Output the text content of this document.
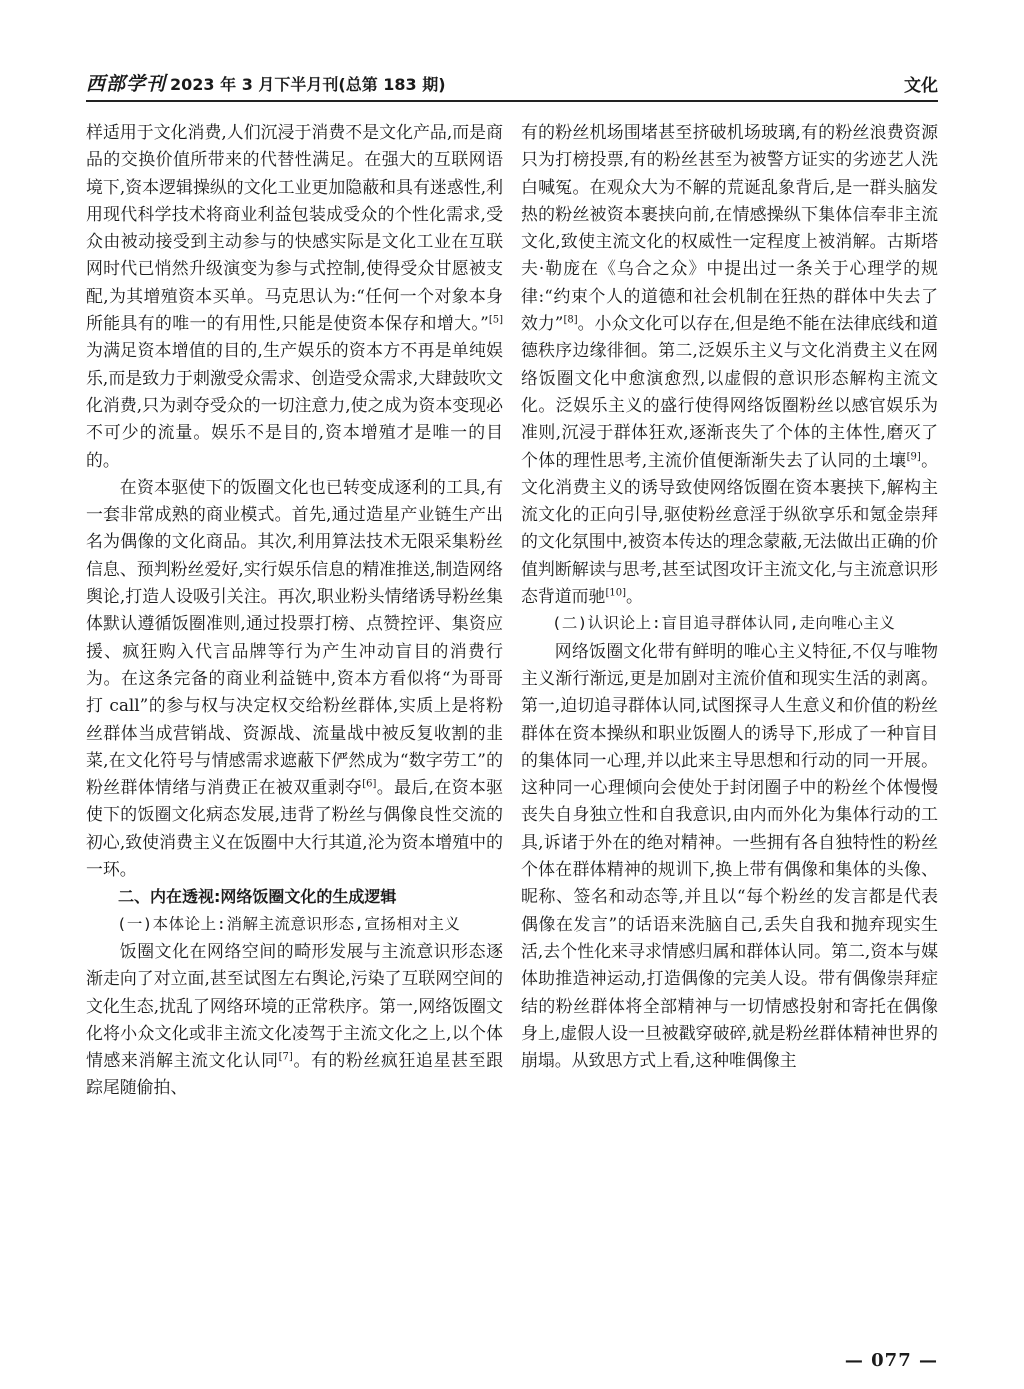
西部学刊 2023 年 3 月下半月刊(总第 183 期)	文化

样适用于文化消费,人们沉浸于消费不是文化产品,而是商品的交换价值所带来的代替性满足。在强大的互联网语境下,资本逻辑操纵的文化工业更加隐蔽和具有迷惑性,利用现代科学技术将商业利益包装成受众的个性化需求,受众由被动接受到主动参与的快感实际是文化工业在互联网时代已悄然升级演变为参与式控制,使得受众甘愿被支配,为其增殖资本买单。马克思认为:“任何一个对象本身所能具有的唯一的有用性,只能是使资本保存和增大。”[5]为满足资本增值的目的,生产娱乐的资本方不再是单纯娱乐,而是致力于刺激受众需求、创造受众需求,大肆鼓吹文化消费,只为剥夺受众的一切注意力,使之成为资本变现必不可少的流量。娱乐不是目的,资本增殖才是唯一的目的。

在资本驱使下的饭圈文化也已转变成逐利的工具,有一套非常成熟的商业模式。首先,通过造星产业链生产出名为偶像的文化商品。其次,利用算法技术无限采集粉丝信息、预判粉丝爱好,实行娱乐信息的精准推送,制造网络舆论,打造人设吸引关注。再次,职业粉头情绪诱导粉丝集体默认遵循饭圈准则,通过投票打榜、点赞控评、集资应援、疯狂购入代言品牌等行为产生冲动盲目的消费行为。在这条完备的商业利益链中,资本方看似将“为哥哥打 call”的参与权与决定权交给粉丝群体,实质上是将粉丝群体当成营销战、资源战、流量战中被反复收割的韭菜,在文化符号与情感需求遮蔽下俨然成为“数字劳工”的粉丝群体情绪与消费正在被双重剥夺[6]。最后,在资本驱使下的饭圈文化病态发展,违背了粉丝与偶像良性交流的初心,致使消费主义在饭圈中大行其道,沦为资本增殖中的一环。

二、内在透视:网络饭圈文化的生成逻辑

(一)本体论上:消解主流意识形态,宣扬相对主义

饭圈文化在网络空间的畸形发展与主流意识形态逐渐走向了对立面,甚至试图左右舆论,污染了互联网空间的文化生态,扰乱了网络环境的正常秩序。第一,网络饭圈文化将小众文化或非主流文化凌驾于主流文化之上,以个体情感来消解主流文化认同[7]。有的粉丝疯狂追星甚至跟踪尾随偷拍、

有的粉丝机场围堵甚至挤破机场玻璃,有的粉丝浪费资源只为打榜投票,有的粉丝甚至为被警方证实的劣迹艺人洗白喊冤。在观众大为不解的荒诞乱象背后,是一群头脑发热的粉丝被资本裹挟向前,在情感操纵下集体信奉非主流文化,致使主流文化的权威性一定程度上被消解。古斯塔夫·勒庞在《乌合之众》中提出过一条关于心理学的规律:“约束个人的道德和社会机制在狂热的群体中失去了效力”[8]。小众文化可以存在,但是绝不能在法律底线和道德秩序边缘徘徊。第二,泛娱乐主义与文化消费主义在网络饭圈文化中愈演愈烈,以虚假的意识形态解构主流文化。泛娱乐主义的盛行使得网络饭圈粉丝以感官娱乐为准则,沉浸于群体狂欢,逐渐丧失了个体的主体性,磨灭了个体的理性思考,主流价值便渐渐失去了认同的土壤[9]。文化消费主义的诱导致使网络饭圈在资本裹挟下,解构主流文化的正向引导,驱使粉丝意淫于纵欲享乐和氪金崇拜的文化氛围中,被资本传达的理念蒙蔽,无法做出正确的价值判断解读与思考,甚至试图攻讦主流文化,与主流意识形态背道而驰[10]。

(二)认识论上:盲目追寻群体认同,走向唯心主义

网络饭圈文化带有鲜明的唯心主义特征,不仅与唯物主义渐行渐远,更是加剧对主流价值和现实生活的剥离。第一,迫切追寻群体认同,试图探寻人生意义和价值的粉丝群体在资本操纵和职业饭圈人的诱导下,形成了一种盲目的集体同一心理,并以此来主导思想和行动的同一开展。这种同一心理倾向会使处于封闭圈子中的粉丝个体慢慢丧失自身独立性和自我意识,由内而外化为集体行动的工具,诉诸于外在的绝对精神。一些拥有各自独特性的粉丝个体在群体精神的规训下,换上带有偶像和集体的头像、昵称、签名和动态等,并且以“每个粉丝的发言都是代表偶像在发言”的话语来洗脑自己,丢失自我和抛弃现实生活,去个性化来寻求情感归属和群体认同。第二,资本与媒体助推造神运动,打造偶像的完美人设。带有偶像崇拜症结的粉丝群体将全部精神与一切情感投射和寄托在偶像身上,虚假人设一旦被戳穿破碎,就是粉丝群体精神世界的崩塌。从致思方式上看,这种唯偶像主

— 077 —
